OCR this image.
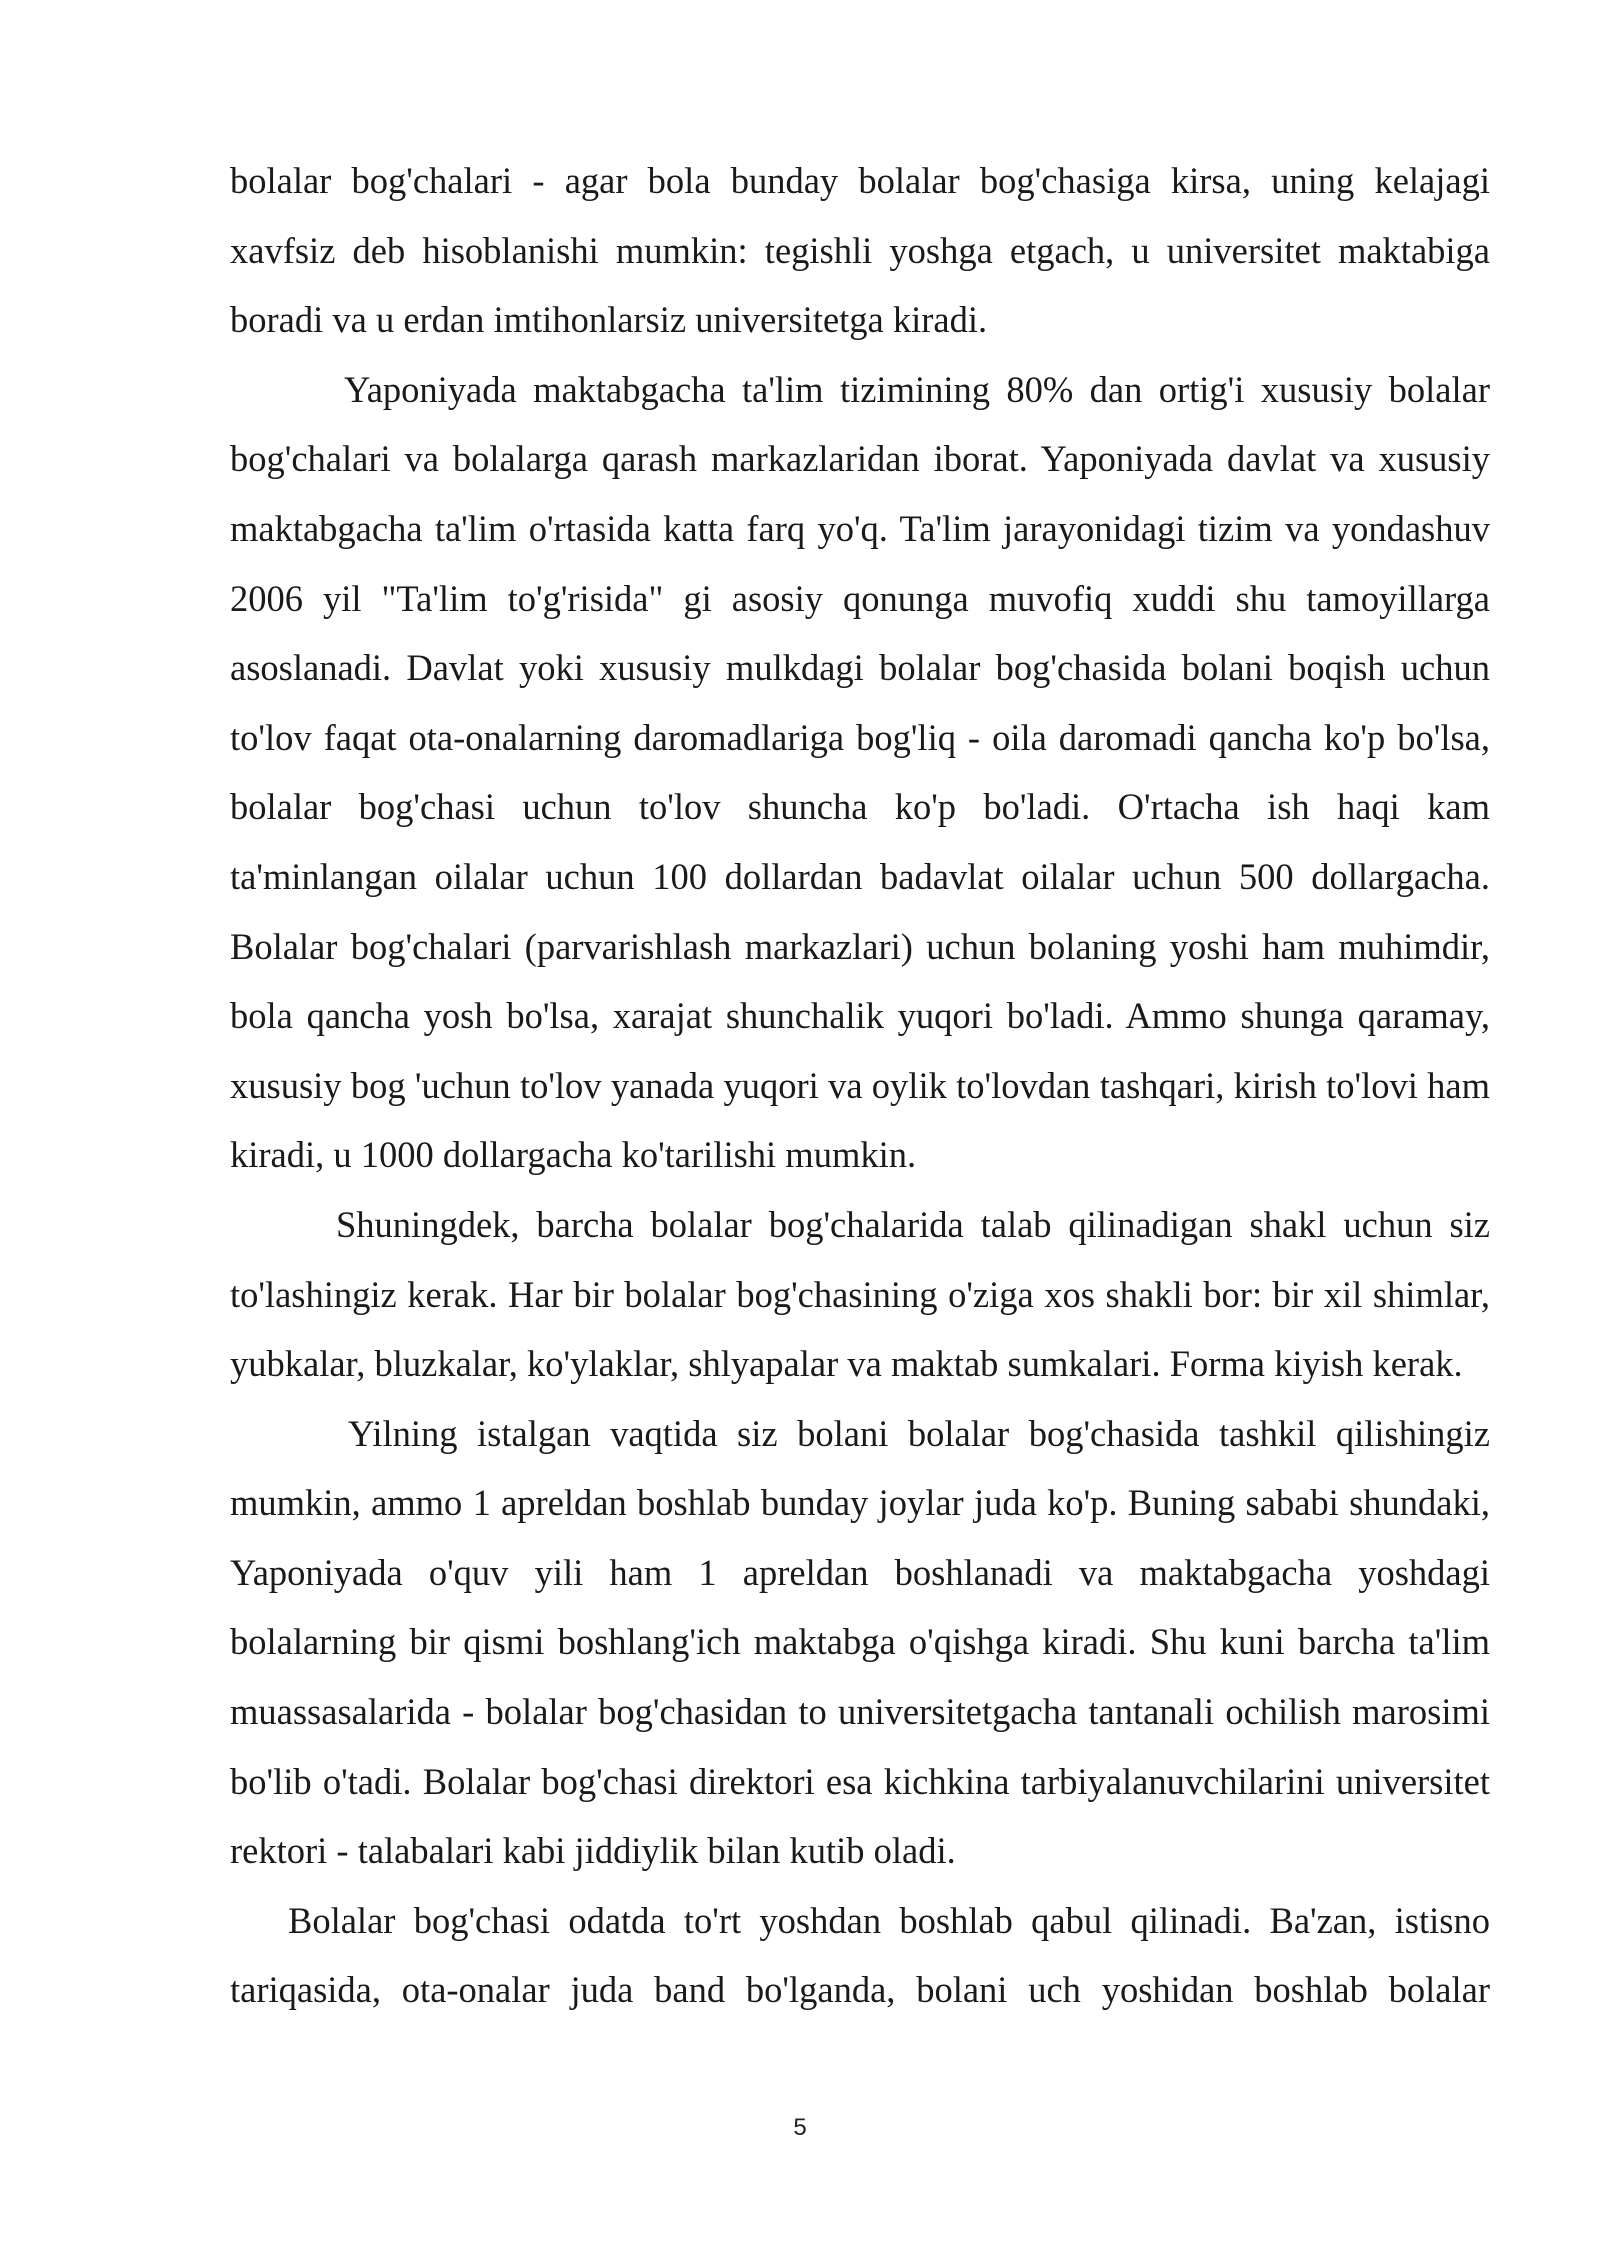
bolalar bog'chalari - agar bola bunday bolalar bog'chasiga kirsa, uning kelajagi xavfsiz deb hisoblanishi mumkin: tegishli yoshga etgach, u universitet maktabiga boradi va u erdan imtihonlarsiz universitetga kiradi.

Yaponiyada maktabgacha ta'lim tizimining 80% dan ortig'i xususiy bolalar bog'chalari va bolalarga qarash markazlaridan iborat. Yaponiyada davlat va xususiy maktabgacha ta'lim o'rtasida katta farq yo'q. Ta'lim jarayonidagi tizim va yondashuv 2006 yil "Ta'lim to'g'risida" gi asosiy qonunga muvofiq xuddi shu tamoyillarga asoslanadi. Davlat yoki xususiy mulkdagi bolalar bog'chasida bolani boqish uchun to'lov faqat ota-onalarning daromadlariga bog'liq - oila daromadi qancha ko'p bo'lsa, bolalar bog'chasi uchun to'lov shuncha ko'p bo'ladi. O'rtacha ish haqi kam ta'minlangan oilalar uchun 100 dollardan badavlat oilalar uchun 500 dollargacha. Bolalar bog'chalari (parvarishlash markazlari) uchun bolaning yoshi ham muhimdir, bola qancha yosh bo'lsa, xarajat shunchalik yuqori bo'ladi. Ammo shunga qaramay, xususiy bog 'uchun to'lov yanada yuqori va oylik to'lovdan tashqari, kirish to'lovi ham kiradi, u 1000 dollargacha ko'tarilishi mumkin.

Shuningdek, barcha bolalar bog'chalarida talab qilinadigan shakl uchun siz to'lashingiz kerak. Har bir bolalar bog'chasining o'ziga xos shakli bor: bir xil shimlar, yubkalar, bluzkalar, ko'ylaklar, shlyapalar va maktab sumkalari. Forma kiyish kerak.

Yilning istalgan vaqtida siz bolani bolalar bog'chasida tashkil qilishingiz mumkin, ammo 1 apreldan boshlab bunday joylar juda ko'p. Buning sababi shundaki, Yaponiyada o'quv yili ham 1 apreldan boshlanadi va maktabgacha yoshdagi bolalarning bir qismi boshlang'ich maktabga o'qishga kiradi. Shu kuni barcha ta'lim muassasalarida - bolalar bog'chasidan to universitetgacha tantanali ochilish marosimi bo'lib o'tadi. Bolalar bog'chasi direktori esa kichkina tarbiyalanuvchilarini universitet rektori - talabalari kabi jiddiylik bilan kutib oladi.

Bolalar bog'chasi odatda to'rt yoshdan boshlab qabul qilinadi. Ba'zan, istisno tariqasida, ota-onalar juda band bo'lganda, bolani uch yoshidan boshlab bolalar

5
